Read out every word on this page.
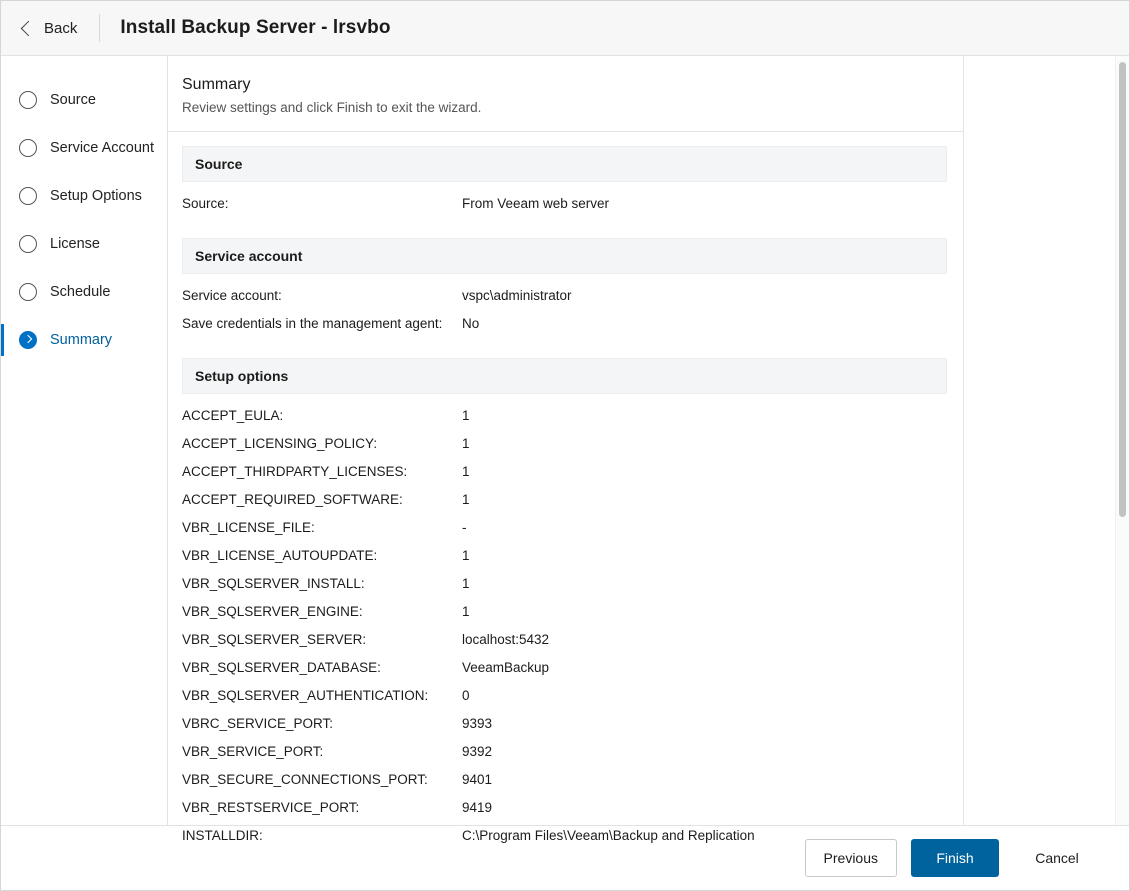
Back Install Backup Server - lrsvbo
Source
Service Account
Setup Options
License
Schedule
Summary
Summary
Review settings and click Finish to exit the wizard.
Source
Source:	From Veeam web server
Service account
Service account:	vspc\administrator
Save credentials in the management agent:	No
Setup options
ACCEPT_EULA:	1
ACCEPT_LICENSING_POLICY:	1
ACCEPT_THIRDPARTY_LICENSES:	1
ACCEPT_REQUIRED_SOFTWARE:	1
VBR_LICENSE_FILE:	-
VBR_LICENSE_AUTOUPDATE:	1
VBR_SQLSERVER_INSTALL:	1
VBR_SQLSERVER_ENGINE:	1
VBR_SQLSERVER_SERVER:	localhost:5432
VBR_SQLSERVER_DATABASE:	VeeamBackup
VBR_SQLSERVER_AUTHENTICATION:	0
VBRC_SERVICE_PORT:	9393
VBR_SERVICE_PORT:	9392
VBR_SECURE_CONNECTIONS_PORT:	9401
VBR_RESTSERVICE_PORT:	9419
INSTALLDIR:	C:\Program Files\Veeam\Backup and Replication
Previous	Finish	Cancel
